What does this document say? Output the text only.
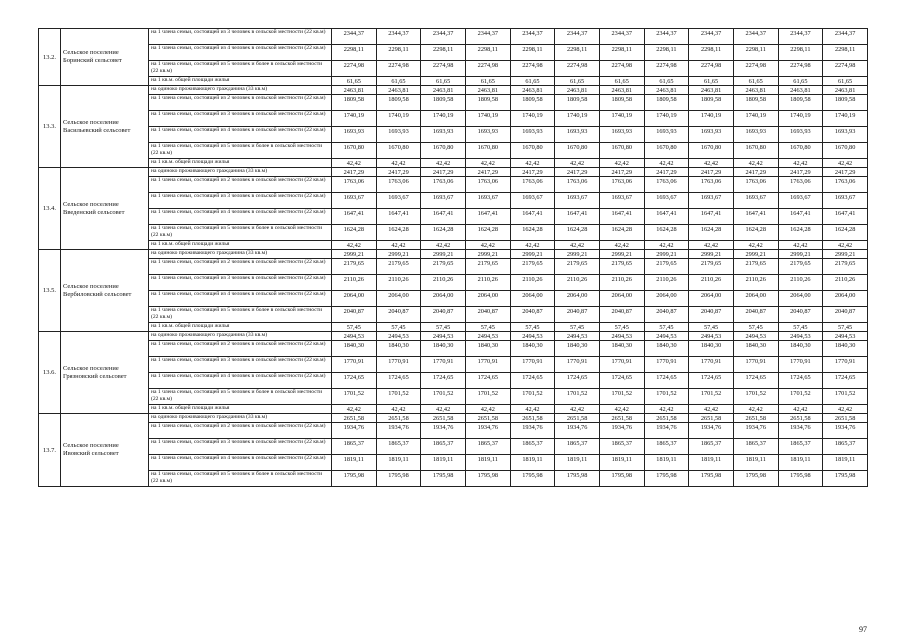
13.2.	Сельское поселение Боринский сельсовет	на 1 члена семьи, состоящей из 3 человек в сельской местности (22 кв.м)	2344,37	2344,37	2344,37	2344,37	2344,37	2344,37	2344,37	2344,37	2344,37	2344,37	2344,37	2344,37
		на 1 члена семьи, состоящей из 4 человек в сельской местности (22 кв.м)	2298,11	2298,11	2298,11	2298,11	2298,11	2298,11	2298,11	2298,11	2298,11	2298,11	2298,11	2298,11
		на 1 члена семьи, состоящей из 5 человек и более в сельской местности (22 кв.м)	2274,98	2274,98	2274,98	2274,98	2274,98	2274,98	2274,98	2274,98	2274,98	2274,98	2274,98	2274,98
		на 1 кв.м. общей площади жилья	61,65	61,65	61,65	61,65	61,65	61,65	61,65	61,65	61,65	61,65	61,65	61,65
13.3.	Сельское поселение Васильевский сельсовет	на одиноко проживающего гражданина (33 кв.м)	2463,81	2463,81	2463,81	2463,81	2463,81	2463,81	2463,81	2463,81	2463,81	2463,81	2463,81	2463,81
		на 1 члена семьи, состоящей из 2 человек в сельской местности (22 кв.м)	1809,58	1809,58	1809,58	1809,58	1809,58	1809,58	1809,58	1809,58	1809,58	1809,58	1809,58	1809,58
		на 1 члена семьи, состоящей из 3 человек в сельской местности (22 кв.м)	1740,19	1740,19	1740,19	1740,19	1740,19	1740,19	1740,19	1740,19	1740,19	1740,19	1740,19	1740,19
		на 1 члена семьи, состоящей из 4 человек в сельской местности (22 кв.м)	1693,93	1693,93	1693,93	1693,93	1693,93	1693,93	1693,93	1693,93	1693,93	1693,93	1693,93	1693,93
		на 1 члена семьи, состоящей из 5 человек и более в сельской местности (22 кв.м)	1670,80	1670,80	1670,80	1670,80	1670,80	1670,80	1670,80	1670,80	1670,80	1670,80	1670,80	1670,80
		на 1 кв.м. общей площади жилья	42,42	42,42	42,42	42,42	42,42	42,42	42,42	42,42	42,42	42,42	42,42	42,42
13.4.	Сельское поселение Введенский сельсовет	на одиноко проживающего гражданина (33 кв.м)	2417,29	2417,29	2417,29	2417,29	2417,29	2417,29	2417,29	2417,29	2417,29	2417,29	2417,29	2417,29
		на 1 члена семьи, состоящей из 2 человек в сельской местности (22 кв.м)	1763,06	1763,06	1763,06	1763,06	1763,06	1763,06	1763,06	1763,06	1763,06	1763,06	1763,06	1763,06
		на 1 члена семьи, состоящей из 3 человек в сельской местности (22 кв.м)	1693,67	1693,67	1693,67	1693,67	1693,67	1693,67	1693,67	1693,67	1693,67	1693,67	1693,67	1693,67
		на 1 члена семьи, состоящей из 4 человек в сельской местности (22 кв.м)	1647,41	1647,41	1647,41	1647,41	1647,41	1647,41	1647,41	1647,41	1647,41	1647,41	1647,41	1647,41
		на 1 члена семьи, состоящей из 5 человек и более в сельской местности (22 кв.м)	1624,28	1624,28	1624,28	1624,28	1624,28	1624,28	1624,28	1624,28	1624,28	1624,28	1624,28	1624,28
		на 1 кв.м. общей площади жилья	42,42	42,42	42,42	42,42	42,42	42,42	42,42	42,42	42,42	42,42	42,42	42,42
13.5.	Сельское поселение Вербиловский сельсовет	на одиноко проживающего гражданина (33 кв.м)	2999,21	2999,21	2999,21	2999,21	2999,21	2999,21	2999,21	2999,21	2999,21	2999,21	2999,21	2999,21
		на 1 члена семьи, состоящей из 2 человек в сельской местности (22 кв.м)	2179,65	2179,65	2179,65	2179,65	2179,65	2179,65	2179,65	2179,65	2179,65	2179,65	2179,65	2179,65
		на 1 члена семьи, состоящей из 3 человек в сельской местности (22 кв.м)	2110,26	2110,26	2110,26	2110,26	2110,26	2110,26	2110,26	2110,26	2110,26	2110,26	2110,26	2110,26
		на 1 члена семьи, состоящей из 4 человек в сельской местности (22 кв.м)	2064,00	2064,00	2064,00	2064,00	2064,00	2064,00	2064,00	2064,00	2064,00	2064,00	2064,00	2064,00
		на 1 члена семьи, состоящей из 5 человек и более в сельской местности (22 кв.м)	2040,87	2040,87	2040,87	2040,87	2040,87	2040,87	2040,87	2040,87	2040,87	2040,87	2040,87	2040,87
		на 1 кв.м. общей площади жилья	57,45	57,45	57,45	57,45	57,45	57,45	57,45	57,45	57,45	57,45	57,45	57,45
13.6.	Сельское поселение Грязновский сельсовет	на одиноко проживающего гражданина (33 кв.м)	2494,53	2494,53	2494,53	2494,53	2494,53	2494,53	2494,53	2494,53	2494,53	2494,53	2494,53	2494,53
		на 1 члена семьи, состоящей из 2 человек в сельской местности (22 кв.м)	1840,30	1840,30	1840,30	1840,30	1840,30	1840,30	1840,30	1840,30	1840,30	1840,30	1840,30	1840,30
		на 1 члена семьи, состоящей из 3 человек в сельской местности (22 кв.м)	1770,91	1770,91	1770,91	1770,91	1770,91	1770,91	1770,91	1770,91	1770,91	1770,91	1770,91	1770,91
		на 1 члена семьи, состоящей из 4 человек в сельской местности (22 кв.м)	1724,65	1724,65	1724,65	1724,65	1724,65	1724,65	1724,65	1724,65	1724,65	1724,65	1724,65	1724,65
		на 1 члена семьи, состоящей из 5 человек и более в сельской местности (22 кв.м)	1701,52	1701,52	1701,52	1701,52	1701,52	1701,52	1701,52	1701,52	1701,52	1701,52	1701,52	1701,52
		на 1 кв.м. общей площади жилья	42,42	42,42	42,42	42,42	42,42	42,42	42,42	42,42	42,42	42,42	42,42	42,42
13.7.	Сельское поселение Ивовский сельсовет	на одиноко проживающего гражданина (33 кв.м)	2651,58	2651,58	2651,58	2651,58	2651,58	2651,58	2651,58	2651,58	2651,58	2651,58	2651,58	2651,58
		на 1 члена семьи, состоящей из 2 человек в сельской местности (22 кв.м)	1934,76	1934,76	1934,76	1934,76	1934,76	1934,76	1934,76	1934,76	1934,76	1934,76	1934,76	1934,76
		на 1 члена семьи, состоящей из 3 человек в сельской местности (22 кв.м)	1865,37	1865,37	1865,37	1865,37	1865,37	1865,37	1865,37	1865,37	1865,37	1865,37	1865,37	1865,37
		на 1 члена семьи, состоящей из 4 человек в сельской местности (22 кв.м)	1819,11	1819,11	1819,11	1819,11	1819,11	1819,11	1819,11	1819,11	1819,11	1819,11	1819,11	1819,11
		на 1 члена семьи, состоящей из 5 человек и более в сельской местности (22 кв.м)	1795,98	1795,98	1795,98	1795,98	1795,98	1795,98	1795,98	1795,98	1795,98	1795,98	1795,98	1795,98
97
